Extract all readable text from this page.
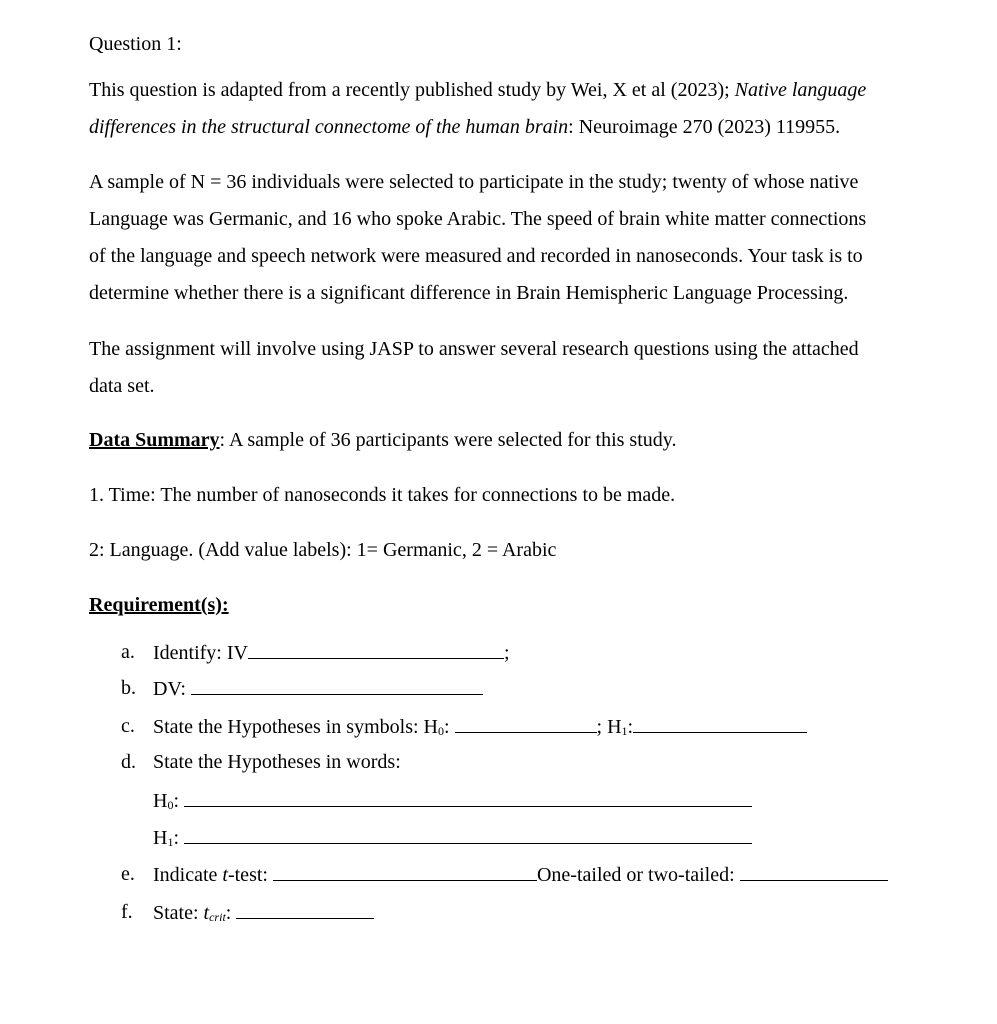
Question 1:
This question is adapted from a recently published study by Wei, X et al (2023); Native language
differences in the structural connectome of the human brain: Neuroimage 270 (2023) 119955.
A sample of N = 36 individuals were selected to participate in the study; twenty of whose native
Language was Germanic, and 16 who spoke Arabic. The speed of brain white matter connections
of the language and speech network were measured and recorded in nanoseconds. Your task is to
determine whether there is a significant difference in Brain Hemispheric Language Processing.
The assignment will involve using JASP to answer several research questions using the attached
data set.
Data Summary: A sample of 36 participants were selected for this study.
1. Time: The number of nanoseconds it takes for connections to be made.
2: Language. (Add value labels): 1= Germanic, 2 = Arabic
Requirement(s):
a. Identify: IV	;
b. DV:
c. State the Hypotheses in symbols: $H_0$:	; $H_1$:
d. State the Hypotheses in words:
$H_0$:
$H_1$:
e. Indicate t-test:	One-tailed or two-tailed:
f.	State: $t_{crit}$:
